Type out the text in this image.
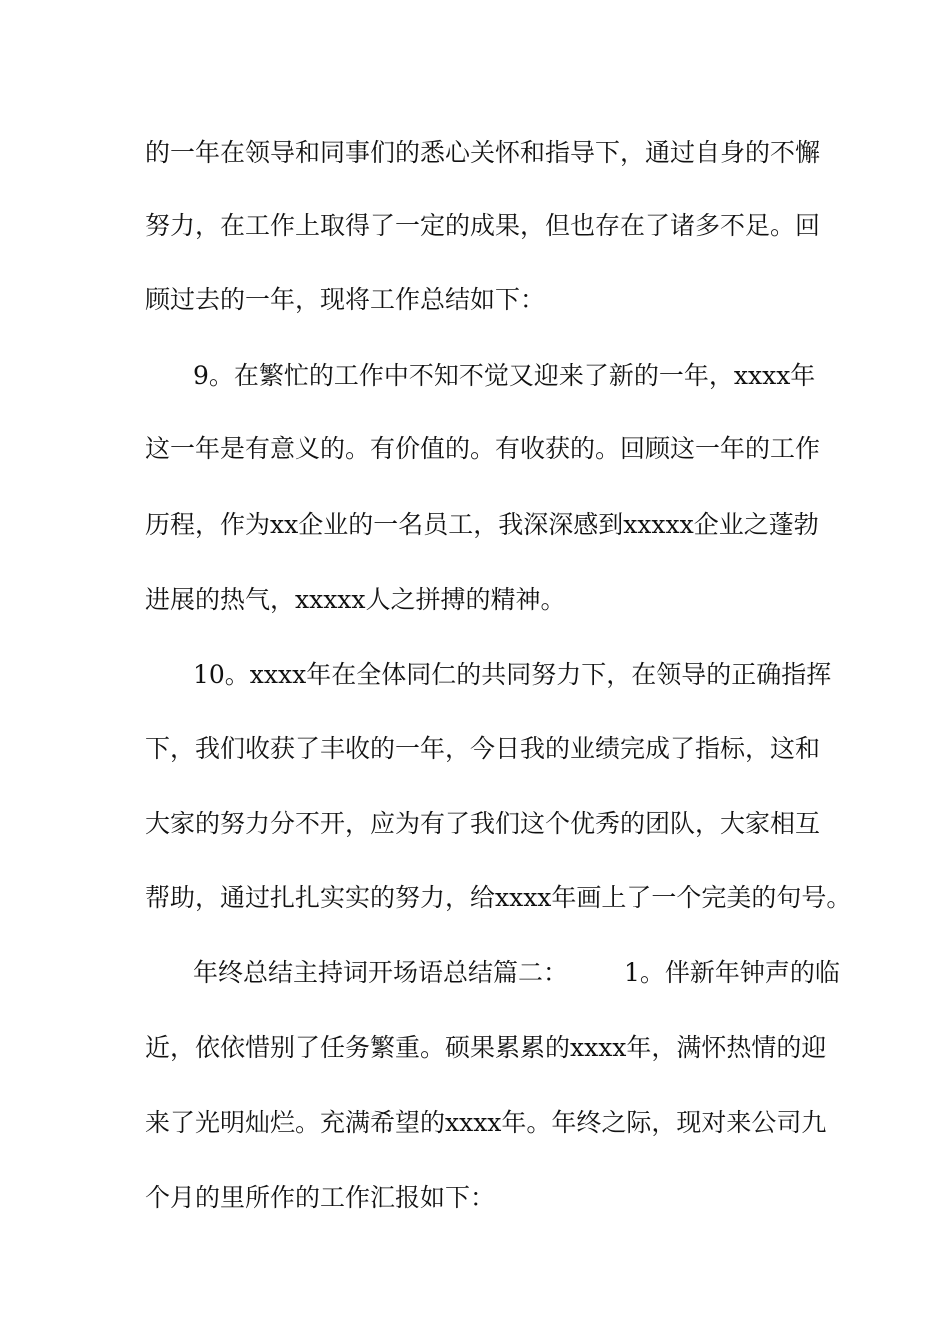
的一年在领导和同事们的悉心关怀和指导下，通过自身的不懈
努力，在工作上取得了一定的成果，但也存在了诸多不足。回
顾过去的一年，现将工作总结如下：
9。在繁忙的工作中不知不觉又迎来了新的一年，xxxx年
这一年是有意义的。有价值的。有收获的。回顾这一年的工作
历程，作为xx企业的一名员工，我深深感到xxxxx企业之蓬勃
进展的热气，xxxxx人之拼搏的精神。
10。xxxx年在全体同仁的共同努力下，在领导的正确指挥
下，我们收获了丰收的一年，今日我的业绩完成了指标，这和
大家的努力分不开，应为有了我们这个优秀的团队，大家相互
帮助，通过扎扎实实的努力，给xxxx年画上了一个完美的句号。
年终总结主持词开场语总结篇二： 1。伴新年钟声的临
近，依依惜别了任务繁重。硕果累累的xxxx年，满怀热情的迎
来了光明灿烂。充满希望的xxxx年。年终之际，现对来公司九
个月的里所作的工作汇报如下：
